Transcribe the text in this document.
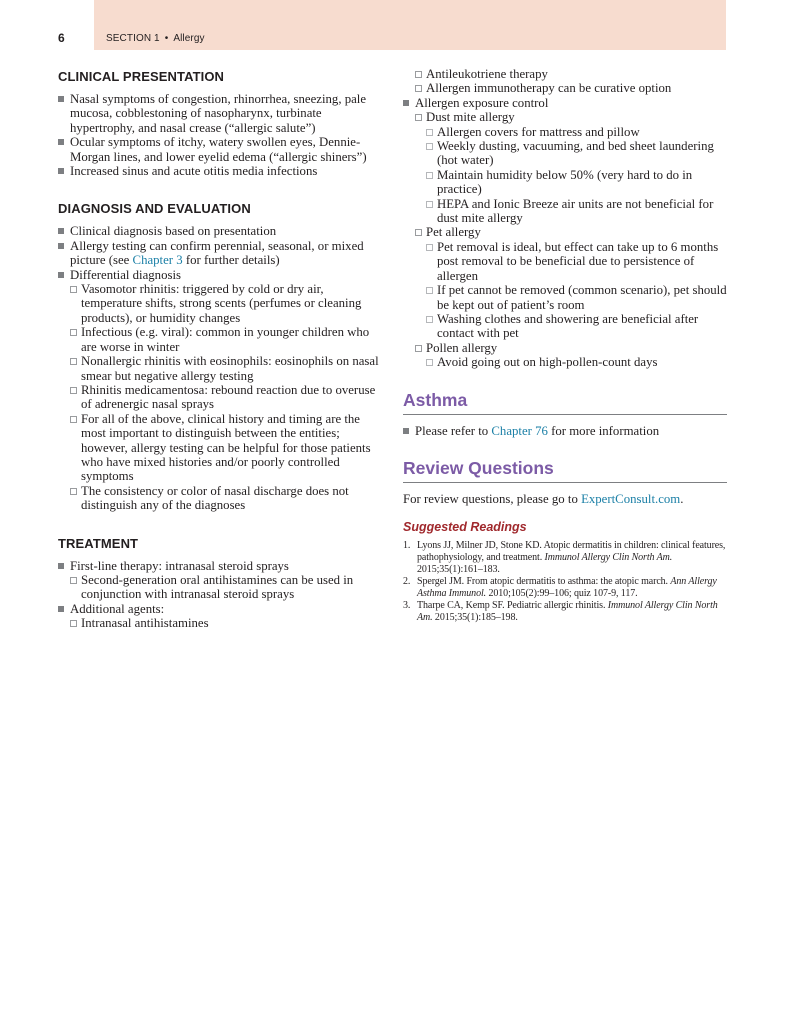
6	SECTION 1 • Allergy
CLINICAL PRESENTATION
Nasal symptoms of congestion, rhinorrhea, sneezing, pale mucosa, cobblestoning of nasopharynx, turbinate hypertrophy, and nasal crease (“allergic salute”)
Ocular symptoms of itchy, watery swollen eyes, Dennie-Morgan lines, and lower eyelid edema (“allergic shiners”)
Increased sinus and acute otitis media infections
DIAGNOSIS AND EVALUATION
Clinical diagnosis based on presentation
Allergy testing can confirm perennial, seasonal, or mixed picture (see Chapter 3 for further details)
Differential diagnosis
Vasomotor rhinitis: triggered by cold or dry air, temperature shifts, strong scents (perfumes or cleaning products), or humidity changes
Infectious (e.g. viral): common in younger children who are worse in winter
Nonallergic rhinitis with eosinophils: eosinophils on nasal smear but negative allergy testing
Rhinitis medicamentosa: rebound reaction due to overuse of adrenergic nasal sprays
For all of the above, clinical history and timing are the most important to distinguish between the entities; however, allergy testing can be helpful for those patients who have mixed histories and/or poorly controlled symptoms
The consistency or color of nasal discharge does not distinguish any of the diagnoses
TREATMENT
First-line therapy: intranasal steroid sprays
Second-generation oral antihistamines can be used in conjunction with intranasal steroid sprays
Additional agents:
Intranasal antihistamines
Antileukotriene therapy
Allergen immunotherapy can be curative option
Allergen exposure control
Dust mite allergy
Allergen covers for mattress and pillow
Weekly dusting, vacuuming, and bed sheet laundering (hot water)
Maintain humidity below 50% (very hard to do in practice)
HEPA and Ionic Breeze air units are not beneficial for dust mite allergy
Pet allergy
Pet removal is ideal, but effect can take up to 6 months post removal to be beneficial due to persistence of allergen
If pet cannot be removed (common scenario), pet should be kept out of patient’s room
Washing clothes and showering are beneficial after contact with pet
Pollen allergy
Avoid going out on high-pollen-count days
Asthma
Please refer to Chapter 76 for more information
Review Questions

For review questions, please go to ExpertConsult.com.

Suggested Readings
1. Lyons JJ, Milner JD, Stone KD. Atopic dermatitis in children: clinical features, pathophysiology, and treatment. Immunol Allergy Clin North Am. 2015;35(1):161–183.
2. Spergel JM. From atopic dermatitis to asthma: the atopic march. Ann Allergy Asthma Immunol. 2010;105(2):99–106; quiz 107-9, 117.
3. Tharpe CA, Kemp SF. Pediatric allergic rhinitis. Immunol Allergy Clin North Am. 2015;35(1):185–198.
